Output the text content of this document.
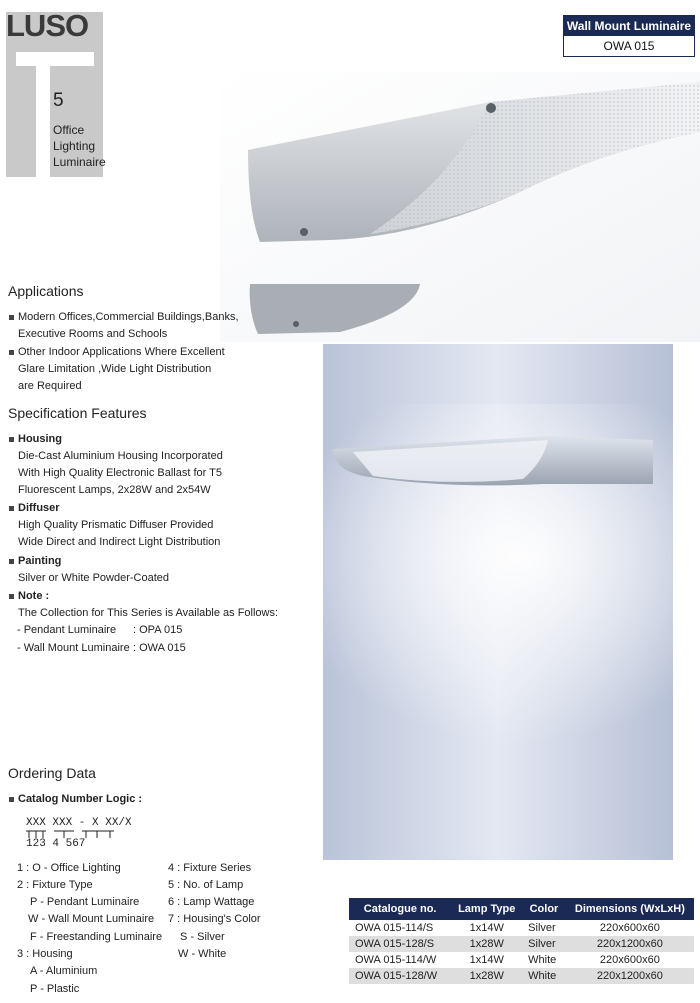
LUSO
5
Office
Lighting
Luminaire
Wall Mount Luminaire
OWA 015
Applications
Modern Offices,Commercial Buildings,Banks,
Executive Rooms and Schools
Other Indoor Applications Where Excellent
Glare Limitation ,Wide Light Distribution
are Required
Specification Features
Housing
Die-Cast Aluminium Housing Incorporated
With High Quality Electronic Ballast for T5
Fluorescent Lamps, 2x28W and 2x54W
Diffuser
High Quality Prismatic Diffuser Provided
Wide Direct and Indirect Light Distribution
Painting
Silver or White Powder-Coated
Note :
The Collection for This Series is Available as Follows:
- Pendant Luminaire : OPA 015
- Wall Mount Luminaire : OWA 015
Ordering Data
Catalog Number Logic :
XXX XXX - X XX/X
123 4 567
1 : O - Office Lighting
2 : Fixture Type
P - Pendant Luminaire
W - Wall Mount Luminaire
F - Freestanding Luminaire
3 : Housing
A - Aluminium
P - Plastic
4 : Fixture Series
5 : No. of Lamp
6 : Lamp Wattage
7 : Housing's Color
S - Silver
W - White
Catalogue no.	Lamp Type	Color	Dimensions (WxLxH)
OWA 015-114/S	1x14W	Silver	220x600x60
OWA 015-128/S	1x28W	Silver	220x1200x60
OWA 015-114/W	1x14W	White	220x600x60
OWA 015-128/W	1x28W	White	220x1200x60
